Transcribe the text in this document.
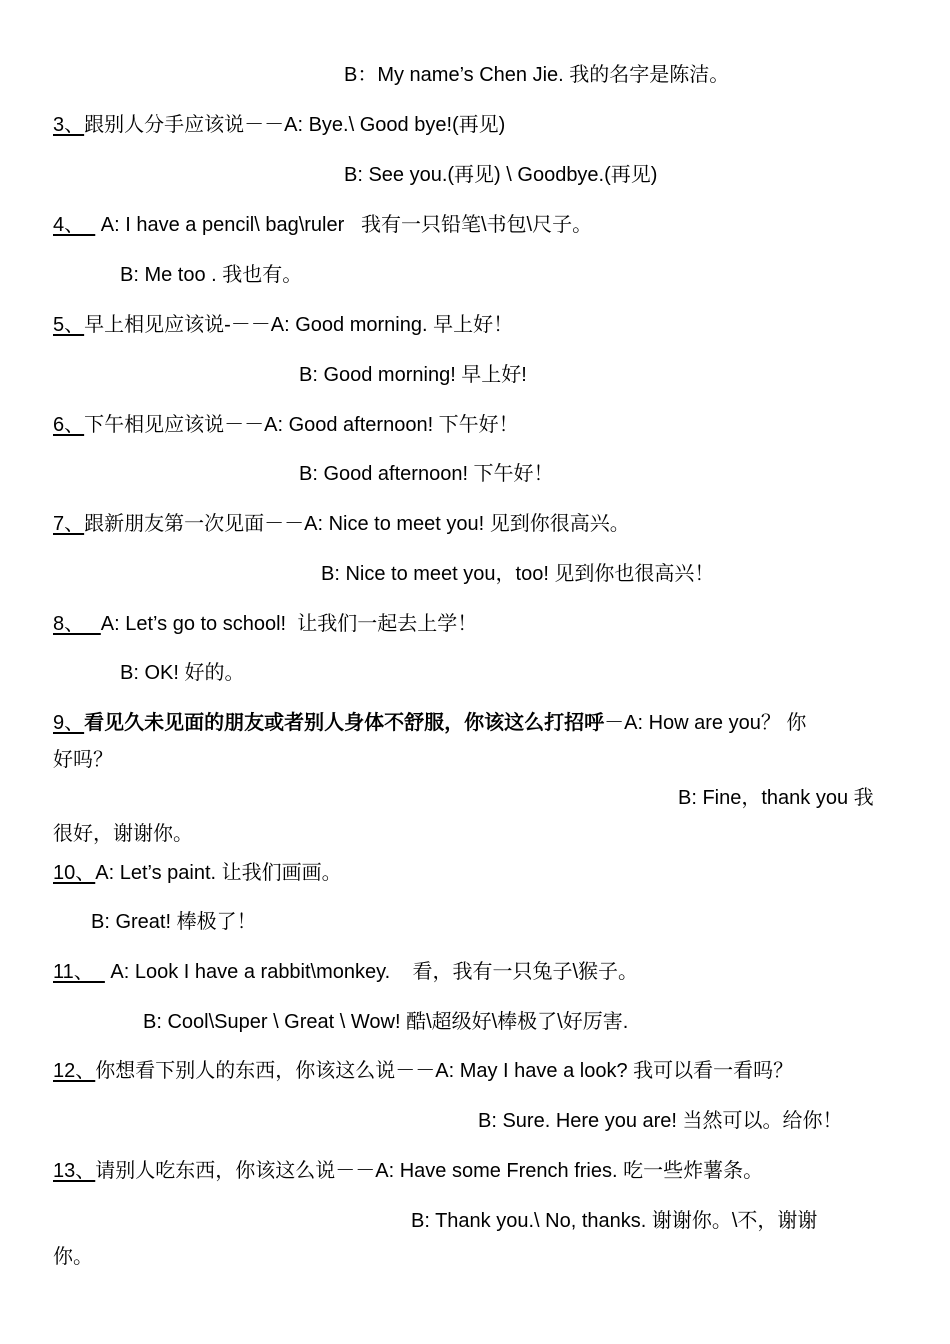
B：My name’s Chen Jie. 我的名字是陈洁。
3、跟别人分手应该说－－A: Bye.\ Good bye!(再见)
B: See you.(再见) \ Goodbye.(再见)
4、   A: I have a pencil\ bag\ruler   我有一只铅笔\书包\尺子。
B: Me too . 我也有。
5、早上相见应该说-－－A: Good morning. 早上好！
B: Good morning! 早上好!
6、下午相见应该说－－A: Good afternoon! 下午好！
B: Good afternoon! 下午好！
7、跟新朋友第一次见面－－A: Nice to meet you! 见到你很高兴。
B: Nice to meet you，too! 见到你也很高兴！
8、   A: Let’s go to school!  让我们一起去上学！
B: OK! 好的。
9、看见久未见面的朋友或者别人身体不舒服，你该这么打招呼－A: How are you？ 你
好吗？
B: Fine，thank you 我
很好，谢谢你。
10、A: Let’s paint. 让我们画画。
B: Great! 棒极了！
11、   A: Look I have a rabbit\monkey.    看，我有一只兔子\猴子。
B: Cool\Super \ Great \ Wow! 酷\超级好\棒极了\好厉害.
12、你想看下别人的东西，你该这么说－－A: May I have a look? 我可以看一看吗？
B: Sure. Here you are! 当然可以。给你！
13、请别人吃东西，你该这么说－－A: Have some French fries. 吃一些炸薯条。
B: Thank you.\ No, thanks. 谢谢你。\不，谢谢
你。
